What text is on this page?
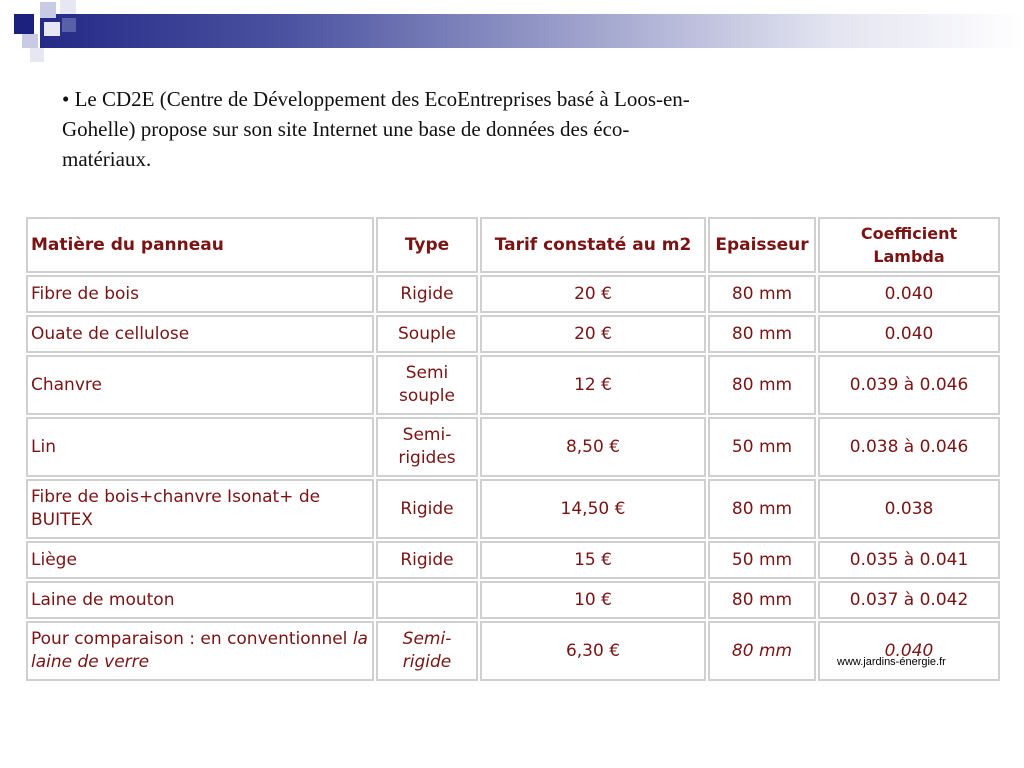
• Le CD2E (Centre de Développement des EcoEntreprises basé à Loos-en-Gohelle) propose sur son site Internet une base de données des éco-matériaux.

Matière du panneau	Type	Tarif constaté au m2	Epaisseur	Coefficient Lambda
Fibre de bois	Rigide	20 €	80 mm	0.040
Ouate de cellulose	Souple	20 €	80 mm	0.040
Chanvre	Semi souple	12 €	80 mm	0.039 à 0.046
Lin	Semi-rigides	8,50 €	50 mm	0.038 à 0.046
Fibre de bois+chanvre Isonat+ de BUITEX	Rigide	14,50 €	80 mm	0.038
Liège	Rigide	15 €	50 mm	0.035 à 0.041
Laine de mouton		10 €	80 mm	0.037 à 0.042
Pour comparaison : en conventionnel la laine de verre	Semi-rigide	6,30 €	80 mm	0.040

www.jardins-énergie.fr
